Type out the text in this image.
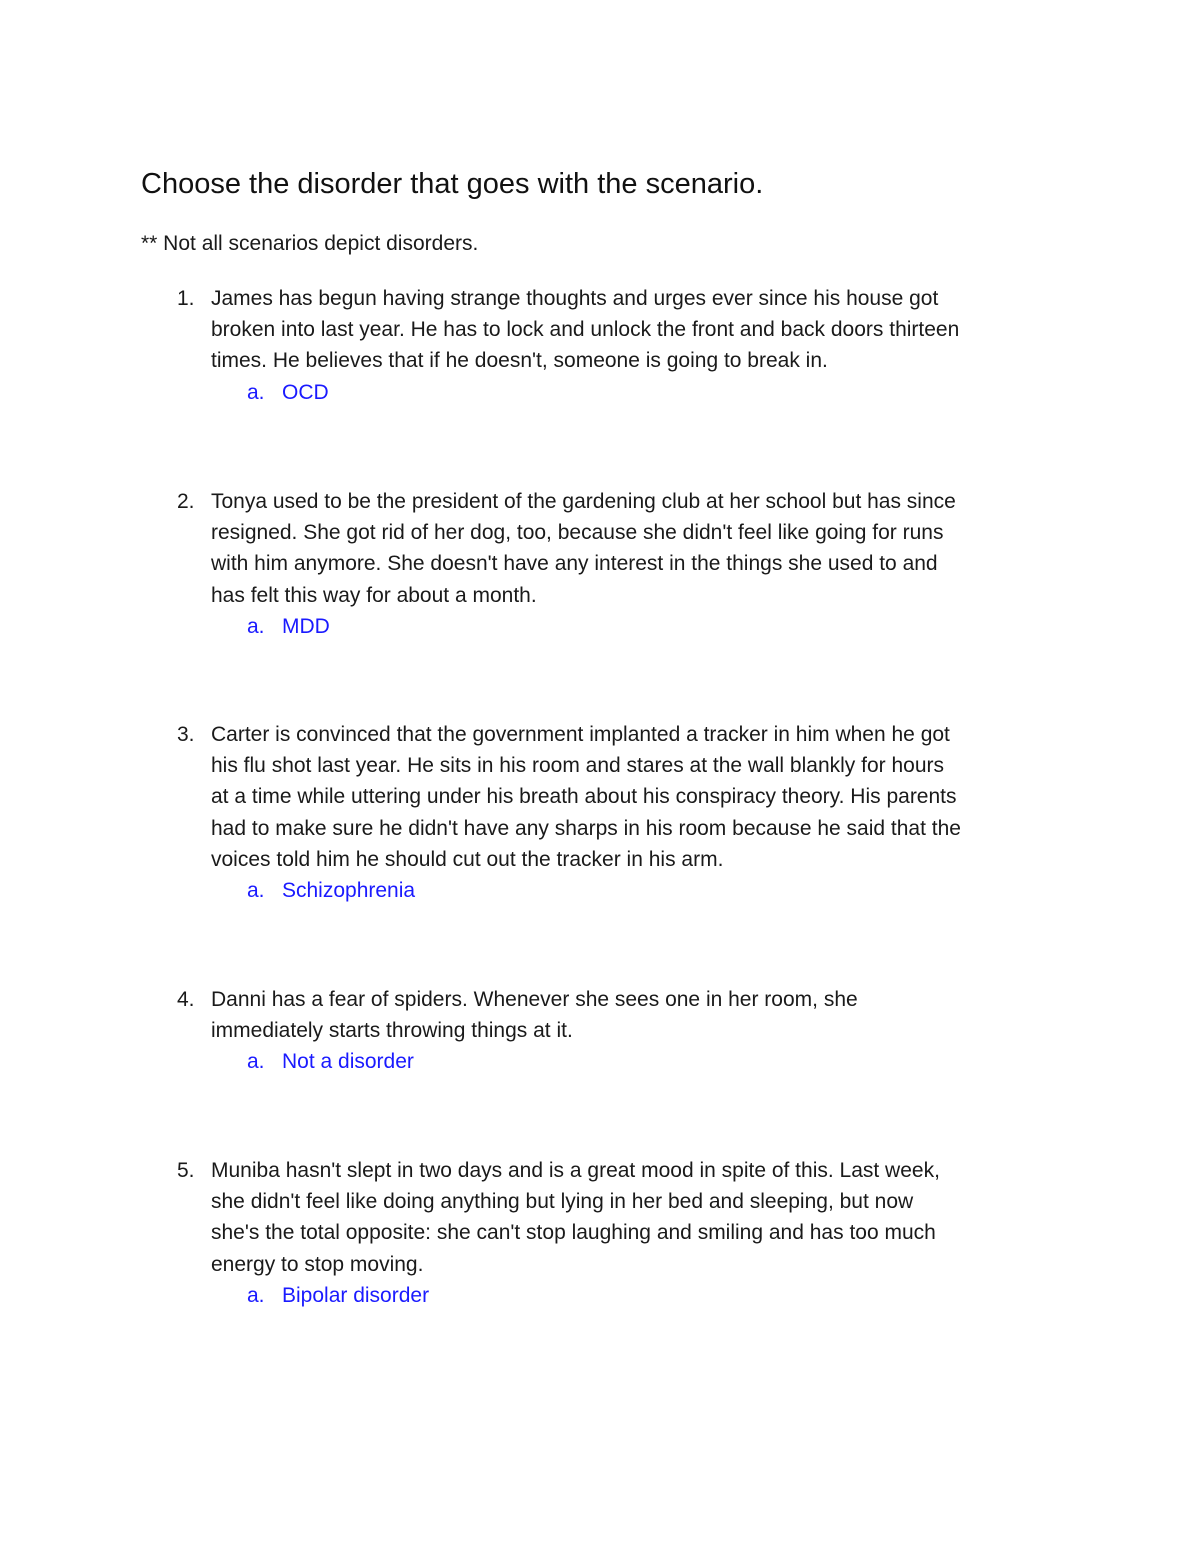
Choose the disorder that goes with the scenario.
** Not all scenarios depict disorders.
1. James has begun having strange thoughts and urges ever since his house got
broken into last year. He has to lock and unlock the front and back doors thirteen
times. He believes that if he doesn't, someone is going to break in.
a. OCD
2. Tonya used to be the president of the gardening club at her school but has since
resigned. She got rid of her dog, too, because she didn't feel like going for runs
with him anymore. She doesn't have any interest in the things she used to and
has felt this way for about a month.
a. MDD
3. Carter is convinced that the government implanted a tracker in him when he got
his flu shot last year. He sits in his room and stares at the wall blankly for hours
at a time while uttering under his breath about his conspiracy theory. His parents
had to make sure he didn't have any sharps in his room because he said that the
voices told him he should cut out the tracker in his arm.
a. Schizophrenia
4. Danni has a fear of spiders. Whenever she sees one in her room, she
immediately starts throwing things at it.
a. Not a disorder
5. Muniba hasn't slept in two days and is a great mood in spite of this. Last week,
she didn't feel like doing anything but lying in her bed and sleeping, but now
she's the total opposite: she can't stop laughing and smiling and has too much
energy to stop moving.
a. Bipolar disorder
